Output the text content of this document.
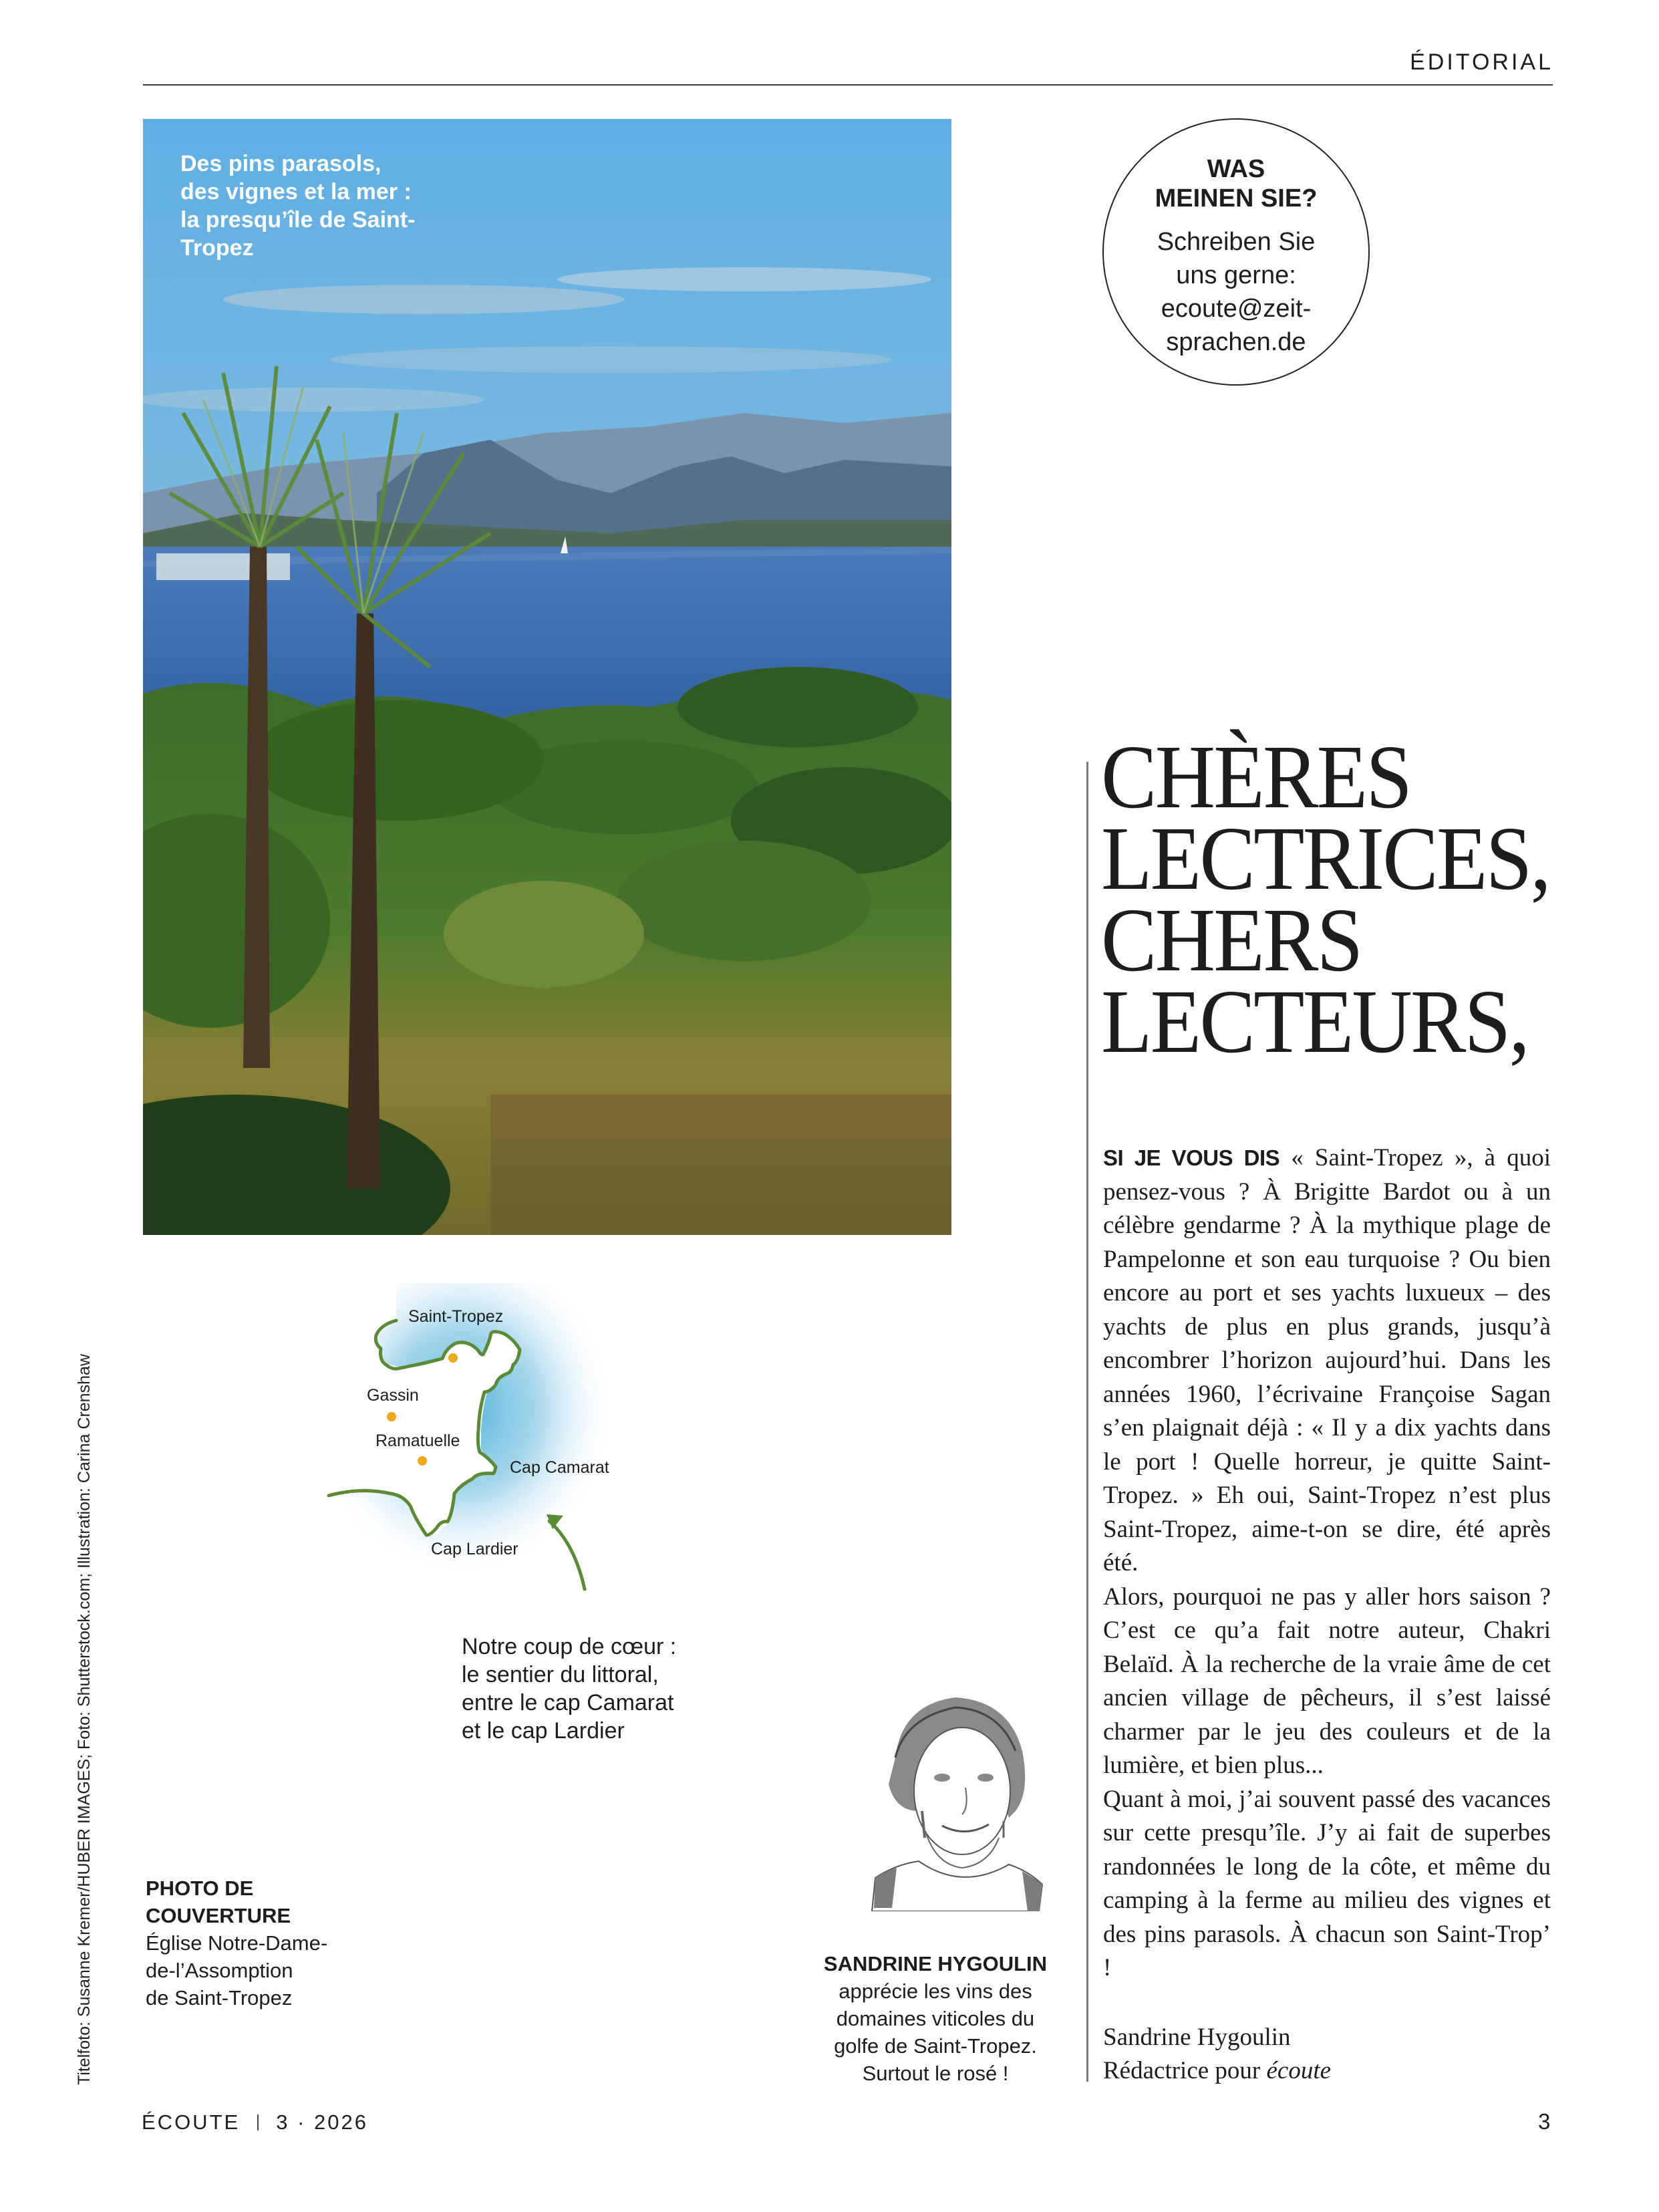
ÉDITORIAL
Des pins parasols, des vignes et la mer : la presqu’île de Saint-Tropez
WAS
MEINEN SIE?
Schreiben Sie
uns gerne:
ecoute@zeit-
sprachen.de
CHÈRES
LECTRICES,
CHERS
LECTEURS,

SI JE VOUS DIS « Saint-Tropez », à quoi pensez-vous ? À Brigitte Bardot ou à un célèbre gendarme ? À la mythique plage de Pampelonne et son eau turquoise ? Ou bien encore au port et ses yachts luxueux – des yachts de plus en plus grands, jusqu’à encombrer l’horizon aujourd’hui. Dans les années 1960, l’écrivaine Françoise Sagan s’en plaignait déjà : « Il y a dix yachts dans le port ! Quelle horreur, je quitte Saint-Tropez. » Eh oui, Saint-Tropez n’est plus Saint-Tropez, aime-t-on se dire, été après été.

Alors, pourquoi ne pas y aller hors saison ? C’est ce qu’a fait notre auteur, Chakri Belaïd. À la recherche de la vraie âme de cet ancien village de pêcheurs, il s’est laissé charmer par le jeu des couleurs et de la lumière, et bien plus...

Quant à moi, j’ai souvent passé des vacances sur cette presqu’île. J’y ai fait de superbes randonnées le long de la côte, et même du camping à la ferme au milieu des vignes et des pins parasols. À chacun son Saint-Trop’ !

Sandrine Hygoulin
Rédactrice pour écoute
Saint-Tropez
Gassin
Ramatuelle
Cap Camarat
Cap Lardier
Notre coup de cœur :
le sentier du littoral,
entre le cap Camarat
et le cap Lardier
PHOTO DE
COUVERTURE
Église Notre-Dame-
de-l’Assomption
de Saint-Tropez
SANDRINE HYGOULIN
apprécie les vins des
domaines viticoles du
golfe de Saint-Tropez.
Surtout le rosé !
Titelfoto: Susanne Kremer/HUBER IMAGES; Foto: Shutterstock.com; Illustration: Carina Crenshaw
ÉCOUTE 3 · 2026	3
